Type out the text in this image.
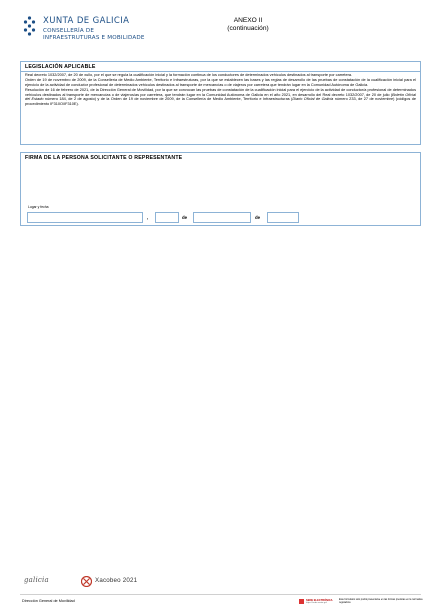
XUNTA DE GALICIA
CONSELLERÍA DE
INFRAESTRUTURAS E MOBILIDADE
ANEXO II
(continuación)
LEGISLACIÓN APLICABLE

Real decreto 1032/2007, de 20 de xullo, por el que se regula la cualificación inicial y la formación continua de los conductores de determinados vehículos destinados al transporte por carretera.

Orden de 19 de novembro de 2009, de la Consellería de Medio Ambiente, Territorio e Infraestruturas, por la que se establecen las bases y las reglas de desarrollo de las pruebas de constatación de la cualificación inicial para el ejercicio de la actividad de conductor profesional de determinados vehículos destinados al transporte de mercancías o de viajeros por carretera que tendrán lugar en la Comunidad Autónoma de Galicia.

Resolución de 16 de febrero de 2021, de la Dirección General de Movilidad, por la que se convocan las pruebas de constatación de la cualificación inicial para el ejercicio de la actividad de conductor/a profesional de determinados vehículos destinados al transporte de mercancías o de viajeros/as por carretera, que tendrán lugar en la Comunidad Autónoma de Galicia en el año 2021, en desarrollo del Real decreto 1032/2007, de 20 de julio (Boletín Oficial del Estado número 184, de 2 de agosto) y de la Orden de 19 de noviembre de 2009, de la Consellería de Medio Ambiente, Territorio e Infraestructuras (Diario Oficial de Galicia número 233, de 27 de noviembre) (códigos de procedimiento IF310O/IF310E).

FIRMA DE LA PERSONA SOLICITANTE O REPRESENTANTE
Lugar y fecha
,	de	de
galicia	Xacobeo 2021
Dirección General de Movilidad	SEDE ELECTRÓNICA
https://sede.xunta.gal
Este formulario solo podrá presentarse en las formas previstas en la normativa reguladora
